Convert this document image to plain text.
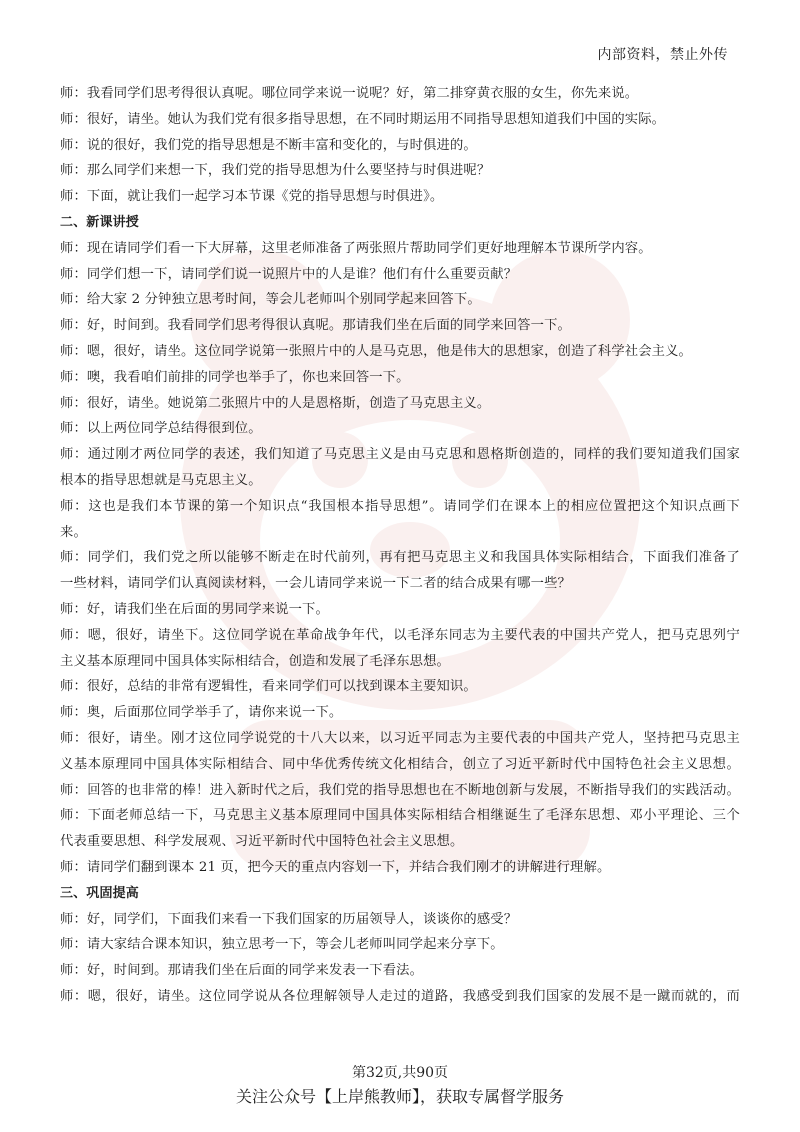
内部资料，禁止外传
师：我看同学们思考得很认真呢。哪位同学来说一说呢？好，第二排穿黄衣服的女生，你先来说。
师：很好，请坐。她认为我们党有很多指导思想，在不同时期运用不同指导思想知道我们中国的实际。
师：说的很好，我们党的指导思想是不断丰富和变化的，与时俱进的。
师：那么同学们来想一下，我们党的指导思想为什么要坚持与时俱进呢？
师：下面，就让我们一起学习本节课《党的指导思想与时俱进》。
二、新课讲授
师：现在请同学们看一下大屏幕，这里老师准备了两张照片帮助同学们更好地理解本节课所学内容。
师：同学们想一下，请同学们说一说照片中的人是谁？他们有什么重要贡献？
师：给大家 2 分钟独立思考时间，等会儿老师叫个别同学起来回答下。
师：好，时间到。我看同学们思考得很认真呢。那请我们坐在后面的同学来回答一下。
师：嗯，很好，请坐。这位同学说第一张照片中的人是马克思，他是伟大的思想家，创造了科学社会主义。
师：噢，我看咱们前排的同学也举手了，你也来回答一下。
师：很好，请坐。她说第二张照片中的人是恩格斯，创造了马克思主义。
师：以上两位同学总结得很到位。
师：通过刚才两位同学的表述，我们知道了马克思主义是由马克思和恩格斯创造的，同样的我们要知道我们国家
根本的指导思想就是马克思主义。
师：这也是我们本节课的第一个知识点“我国根本指导思想”。请同学们在课本上的相应位置把这个知识点画下
来。
师：同学们，我们党之所以能够不断走在时代前列，再有把马克思主义和我国具体实际相结合，下面我们准备了
一些材料，请同学们认真阅读材料，一会儿请同学来说一下二者的结合成果有哪一些？
师：好，请我们坐在后面的男同学来说一下。
师：嗯，很好，请坐下。这位同学说在革命战争年代，以毛泽东同志为主要代表的中国共产党人，把马克思列宁
主义基本原理同中国具体实际相结合，创造和发展了毛泽东思想。
师：很好，总结的非常有逻辑性，看来同学们可以找到课本主要知识。
师：奥，后面那位同学举手了，请你来说一下。
师：很好，请坐。刚才这位同学说党的十八大以来，以习近平同志为主要代表的中国共产党人，坚持把马克思主
义基本原理同中国具体实际相结合、同中华优秀传统文化相结合，创立了习近平新时代中国特色社会主义思想。
师：回答的也非常的棒！进入新时代之后，我们党的指导思想也在不断地创新与发展，不断指导我们的实践活动。
师：下面老师总结一下，马克思主义基本原理同中国具体实际相结合相继诞生了毛泽东思想、邓小平理论、三个
代表重要思想、科学发展观、习近平新时代中国特色社会主义思想。
师：请同学们翻到课本 21 页，把今天的重点内容划一下，并结合我们刚才的讲解进行理解。
三、巩固提高
师：好，同学们，下面我们来看一下我们国家的历届领导人，谈谈你的感受？
师：请大家结合课本知识，独立思考一下，等会儿老师叫同学起来分享下。
师：好，时间到。那请我们坐在后面的同学来发表一下看法。
师：嗯，很好，请坐。这位同学说从各位理解领导人走过的道路，我感受到我们国家的发展不是一蹴而就的，而
第32页,共90页
关注公众号【上岸熊教师】，获取专属督学服务
